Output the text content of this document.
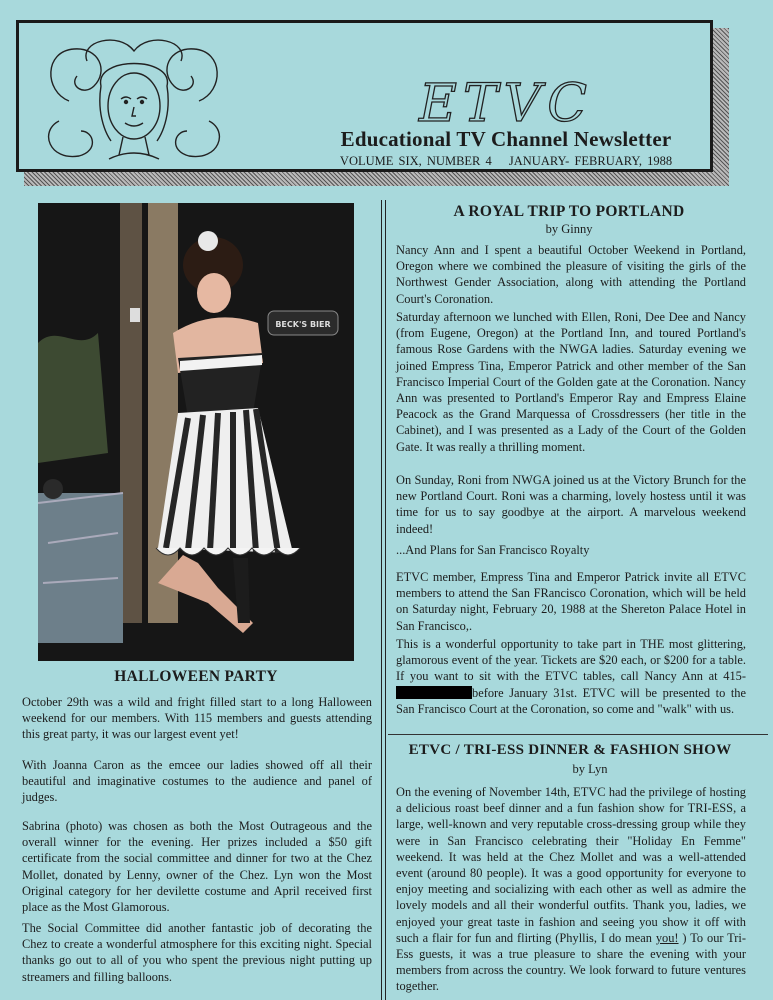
ETVC
Educational TV Channel Newsletter
VOLUME SIX, NUMBER 4 JANUARY- FEBRUARY, 1988
BECK'S BIER
HALLOWEEN PARTY

October 29th was a wild and fright filled start to a long Halloween weekend for our members. With 115 members and guests attending this great party, it was our largest event yet!

With Joanna Caron as the emcee our ladies showed off all their beautiful and imaginative costumes to the audience and panel of judges.

Sabrina (photo) was chosen as both the Most Outrageous and the overall winner for the evening. Her prizes included a $50 gift certificate from the social committee and dinner for two at the Chez Mollet, donated by Lenny, owner of the Chez. Lyn won the Most Original category for her devilette costume and April received first place as the Most Glamorous.

The Social Committee did another fantastic job of decorating the Chez to create a wonderful atmosphere for this exciting night. Special thanks go out to all of you who spent the previous night putting up streamers and filling balloons.

A ROYAL TRIP TO PORTLAND
by Ginny

Nancy Ann and I spent a beautiful October Weekend in Portland, Oregon where we combined the pleasure of visiting the girls of the Northwest Gender Association, along with attending the Portland Court's Coronation.

Saturday afternoon we lunched with Ellen, Roni, Dee Dee and Nancy (from Eugene, Oregon) at the Portland Inn, and toured Portland's famous Rose Gardens with the NWGA ladies. Saturday evening we joined Empress Tina, Emperor Patrick and other member of the San Francisco Imperial Court of the Golden gate at the Coronation. Nancy Ann was presented to Portland's Emperor Ray and Empress Elaine Peacock as the Grand Marquessa of Crossdressers (her title in the Cabinet), and I was presented as a Lady of the Court of the Golden Gate. It was really a thrilling moment.

On Sunday, Roni from NWGA joined us at the Victory Brunch for the new Portland Court. Roni was a charming, lovely hostess until it was time for us to say goodbye at the airport. A marvelous weekend indeed!

...And Plans for San Francisco Royalty

ETVC member, Empress Tina and Emperor Patrick invite all ETVC members to attend the San FRancisco Coronation, which will be held on Saturday night, February 20, 1988 at the Shereton Palace Hotel in San Francisco,.

This is a wonderful opportunity to take part in THE most glittering, glamorous event of the year. Tickets are $20 each, or $200 for a table. If you want to sit with the ETVC tables, call Nancy Ann at 415-before January 31st. ETVC will be presented to the San Francisco Court at the Coronation, so come and "walk" with us.

ETVC / TRI-ESS DINNER & FASHION SHOW
by Lyn

On the evening of November 14th, ETVC had the privilege of hosting a delicious roast beef dinner and a fun fashion show for TRI-ESS, a large, well-known and very reputable cross-dressing group while they were in San Francisco celebrating their "Holiday En Femme" weekend. It was held at the Chez Mollet and was a well-attended event (around 80 people). It was a good opportunity for everyone to enjoy meeting and socializing with each other as well as admire the lovely models and all their wonderful outfits. Thank you, ladies, we enjoyed your great taste in fashion and seeing you show it off with such a flair for fun and flirting (Phyllis, I do mean you! ) To our Tri-Ess guests, it was a true pleasure to share the evening with your members from across the country. We look forward to future ventures together.
